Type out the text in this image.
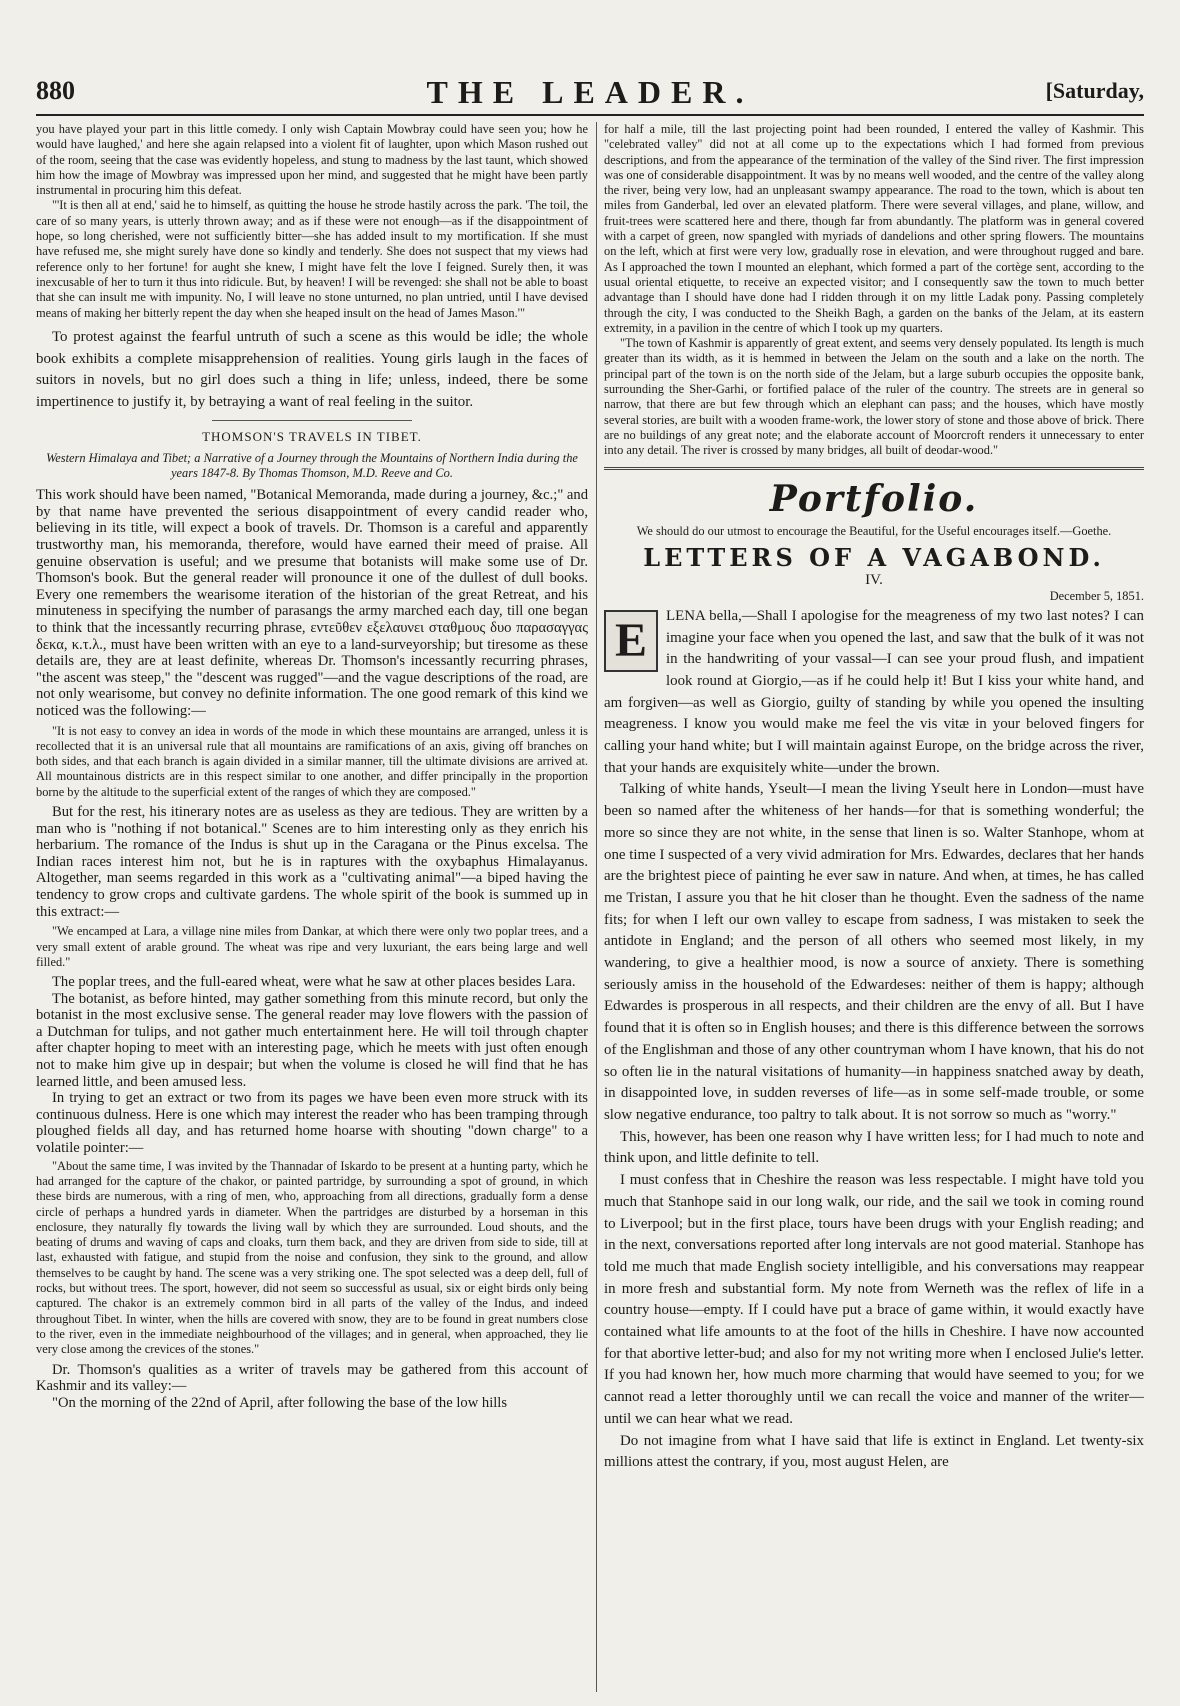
880	THE LEADER.	[Saturday,

you have played your part in this little comedy. I only wish Captain Mowbray could have seen you; how he would have laughed,' and here she again relapsed into a violent fit of laughter, upon which Mason rushed out of the room, seeing that the case was evidently hopeless, and stung to madness by the last taunt, which showed him how the image of Mowbray was impressed upon her mind, and suggested that he might have been partly instrumental in procuring him this defeat.

"'It is then all at end,' said he to himself, as quitting the house he strode hastily across the park. 'The toil, the care of so many years, is utterly thrown away; and as if these were not enough—as if the disappointment of hope, so long cherished, were not sufficiently bitter—she has added insult to my mortification. If she must have refused me, she might surely have done so kindly and tenderly. She does not suspect that my views had reference only to her fortune! for aught she knew, I might have felt the love I feigned. Surely then, it was inexcusable of her to turn it thus into ridicule. But, by heaven! I will be revenged: she shall not be able to boast that she can insult me with impunity. No, I will leave no stone unturned, no plan untried, until I have devised means of making her bitterly repent the day when she heaped insult on the head of James Mason.'"

To protest against the fearful untruth of such a scene as this would be idle; the whole book exhibits a complete misapprehension of realities. Young girls laugh in the faces of suitors in novels, but no girl does such a thing in life; unless, indeed, there be some impertinence to justify it, by betraying a want of real feeling in the suitor.

THOMSON'S TRAVELS IN TIBET.

Western Himalaya and Tibet; a Narrative of a Journey through the Mountains of Northern India during the years 1847-8. By Thomas Thomson, M.D. Reeve and Co.

This work should have been named, "Botanical Memoranda, made during a journey, &c.;" and by that name have prevented the serious disappointment of every candid reader who, believing in its title, will expect a book of travels. Dr. Thomson is a careful and apparently trustworthy man, his memoranda, therefore, would have earned their meed of praise. All genuine observation is useful; and we presume that botanists will make some use of Dr. Thomson's book. But the general reader will pronounce it one of the dullest of dull books. Every one remembers the wearisome iteration of the historian of the great Retreat, and his minuteness in specifying the number of parasangs the army marched each day, till one began to think that the incessantly recurring phrase, εντεῦθεν εξελαυνει σταθμους δυο παρασαγγας δεκα, κ.τ.λ., must have been written with an eye to a land-surveyorship; but tiresome as these details are, they are at least definite, whereas Dr. Thomson's incessantly recurring phrases, "the ascent was steep," the "descent was rugged"—and the vague descriptions of the road, are not only wearisome, but convey no definite information. The one good remark of this kind we noticed was the following:—

"It is not easy to convey an idea in words of the mode in which these mountains are arranged, unless it is recollected that it is an universal rule that all mountains are ramifications of an axis, giving off branches on both sides, and that each branch is again divided in a similar manner, till the ultimate divisions are arrived at. All mountainous districts are in this respect similar to one another, and differ principally in the proportion borne by the altitude to the superficial extent of the ranges of which they are composed."

But for the rest, his itinerary notes are as useless as they are tedious. They are written by a man who is "nothing if not botanical." Scenes are to him interesting only as they enrich his herbarium. The romance of the Indus is shut up in the Caragana or the Pinus excelsa. The Indian races interest him not, but he is in raptures with the oxybaphus Himalayanus. Altogether, man seems regarded in this work as a "cultivating animal"—a biped having the tendency to grow crops and cultivate gardens. The whole spirit of the book is summed up in this extract:—

"We encamped at Lara, a village nine miles from Dankar, at which there were only two poplar trees, and a very small extent of arable ground. The wheat was ripe and very luxuriant, the ears being large and well filled."

The poplar trees, and the full-eared wheat, were what he saw at other places besides Lara.

The botanist, as before hinted, may gather something from this minute record, but only the botanist in the most exclusive sense. The general reader may love flowers with the passion of a Dutchman for tulips, and not gather much entertainment here. He will toil through chapter after chapter hoping to meet with an interesting page, which he meets with just often enough not to make him give up in despair; but when the volume is closed he will find that he has learned little, and been amused less.

In trying to get an extract or two from its pages we have been even more struck with its continuous dulness. Here is one which may interest the reader who has been tramping through ploughed fields all day, and has returned home hoarse with shouting "down charge" to a volatile pointer:—

"About the same time, I was invited by the Thannadar of Iskardo to be present at a hunting party, which he had arranged for the capture of the chakor, or painted partridge, by surrounding a spot of ground, in which these birds are numerous, with a ring of men, who, approaching from all directions, gradually form a dense circle of perhaps a hundred yards in diameter. When the partridges are disturbed by a horseman in this enclosure, they naturally fly towards the living wall by which they are surrounded. Loud shouts, and the beating of drums and waving of caps and cloaks, turn them back, and they are driven from side to side, till at last, exhausted with fatigue, and stupid from the noise and confusion, they sink to the ground, and allow themselves to be caught by hand. The scene was a very striking one. The spot selected was a deep dell, full of rocks, but without trees. The sport, however, did not seem so successful as usual, six or eight birds only being captured. The chakor is an extremely common bird in all parts of the valley of the Indus, and indeed throughout Tibet. In winter, when the hills are covered with snow, they are to be found in great numbers close to the river, even in the immediate neighbourhood of the villages; and in general, when approached, they lie very close among the crevices of the stones."

Dr. Thomson's qualities as a writer of travels may be gathered from this account of Kashmir and its valley:—

"On the morning of the 22nd of April, after following the base of the low hills

for half a mile, till the last projecting point had been rounded, I entered the valley of Kashmir. This "celebrated valley" did not at all come up to the expectations which I had formed from previous descriptions, and from the appearance of the termination of the valley of the Sind river. The first impression was one of considerable disappointment. It was by no means well wooded, and the centre of the valley along the river, being very low, had an unpleasant swampy appearance. The road to the town, which is about ten miles from Ganderbal, led over an elevated platform. There were several villages, and plane, willow, and fruit-trees were scattered here and there, though far from abundantly. The platform was in general covered with a carpet of green, now spangled with myriads of dandelions and other spring flowers. The mountains on the left, which at first were very low, gradually rose in elevation, and were throughout rugged and bare. As I approached the town I mounted an elephant, which formed a part of the cortège sent, according to the usual oriental etiquette, to receive an expected visitor; and I consequently saw the town to much better advantage than I should have done had I ridden through it on my little Ladak pony. Passing completely through the city, I was conducted to the Sheikh Bagh, a garden on the banks of the Jelam, at its eastern extremity, in a pavilion in the centre of which I took up my quarters.

"The town of Kashmir is apparently of great extent, and seems very densely populated. Its length is much greater than its width, as it is hemmed in between the Jelam on the south and a lake on the north. The principal part of the town is on the north side of the Jelam, but a large suburb occupies the opposite bank, surrounding the Sher-Garhi, or fortified palace of the ruler of the country. The streets are in general so narrow, that there are but few through which an elephant can pass; and the houses, which have mostly several stories, are built with a wooden frame-work, the lower story of stone and those above of brick. There are no buildings of any great note; and the elaborate account of Moorcroft renders it unnecessary to enter into any detail. The river is crossed by many bridges, all built of deodar-wood."

Portfolio.

We should do our utmost to encourage the Beautiful, for the Useful encourages itself.—Goethe.

LETTERS OF A VAGABOND.

IV.

December 5, 1851.

E	LENA bella,—Shall I apologise for the meagreness of my two last notes? I can imagine your face when you opened the last, and saw that the bulk of it was not in the handwriting of your vassal—I can see your proud flush, and impatient look round at Giorgio,—as if he could help it! But I kiss your white hand, and am forgiven—as well as Giorgio, guilty of standing by while you opened the insulting meagreness. I know you would make me feel the vis vitæ in your beloved fingers for calling your hand white; but I will maintain against Europe, on the bridge across the river, that your hands are exquisitely white—under the brown.

Talking of white hands, Yseult—I mean the living Yseult here in London—must have been so named after the whiteness of her hands—for that is something wonderful; the more so since they are not white, in the sense that linen is so. Walter Stanhope, whom at one time I suspected of a very vivid admiration for Mrs. Edwardes, declares that her hands are the brightest piece of painting he ever saw in nature. And when, at times, he has called me Tristan, I assure you that he hit closer than he thought. Even the sadness of the name fits; for when I left our own valley to escape from sadness, I was mistaken to seek the antidote in England; and the person of all others who seemed most likely, in my wandering, to give a healthier mood, is now a source of anxiety. There is something seriously amiss in the household of the Edwardeses: neither of them is happy; although Edwardes is prosperous in all respects, and their children are the envy of all. But I have found that it is often so in English houses; and there is this difference between the sorrows of the Englishman and those of any other countryman whom I have known, that his do not so often lie in the natural visitations of humanity—in happiness snatched away by death, in disappointed love, in sudden reverses of life—as in some self-made trouble, or some slow negative endurance, too paltry to talk about. It is not sorrow so much as "worry."

This, however, has been one reason why I have written less; for I had much to note and think upon, and little definite to tell.

I must confess that in Cheshire the reason was less respectable. I might have told you much that Stanhope said in our long walk, our ride, and the sail we took in coming round to Liverpool; but in the first place, tours have been drugs with your English reading; and in the next, conversations reported after long intervals are not good material. Stanhope has told me much that made English society intelligible, and his conversations may reappear in more fresh and substantial form. My note from Werneth was the reflex of life in a country house—empty. If I could have put a brace of game within, it would exactly have contained what life amounts to at the foot of the hills in Cheshire. I have now accounted for that abortive letter-bud; and also for my not writing more when I enclosed Julie's letter. If you had known her, how much more charming that would have seemed to you; for we cannot read a letter thoroughly until we can recall the voice and manner of the writer—until we can hear what we read.

Do not imagine from what I have said that life is extinct in England. Let twenty-six millions attest the contrary, if you, most august Helen, are
